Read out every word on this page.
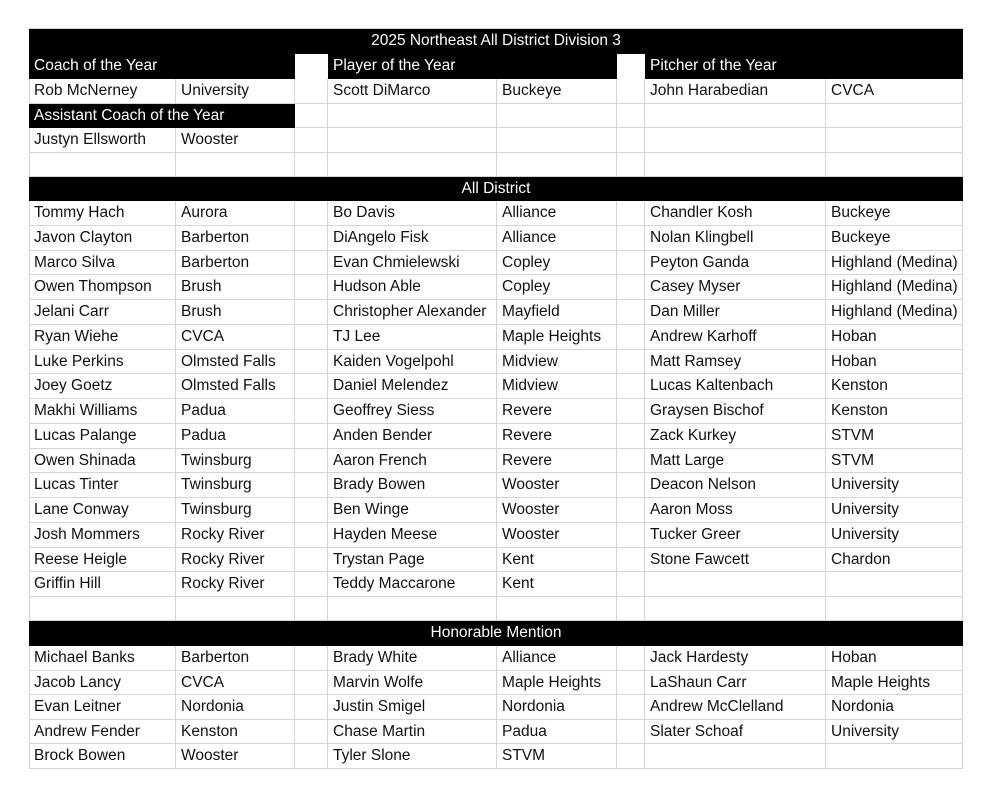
2025 Northeast All District Division 3
Coach of the Year	Player of the Year	Pitcher of the Year
Rob McNerney	University	Scott DiMarco	Buckeye	John Harabedian	CVCA
Assistant Coach of the Year
Justyn Ellsworth	Wooster
All District
Honorable Mention
Tommy Hach	Aurora	Bo Davis	Alliance	Chandler Kosh	Buckeye
Javon Clayton	Barberton	DiAngelo Fisk	Alliance	Nolan Klingbell	Buckeye
Marco Silva	Barberton	Evan Chmielewski	Copley	Peyton Ganda	Highland (Medina)
Owen Thompson	Brush	Hudson Able	Copley	Casey Myser	Highland (Medina)
Jelani Carr	Brush	Christopher Alexander	Mayfield	Dan Miller	Highland (Medina)
Ryan Wiehe	CVCA	TJ Lee	Maple Heights	Andrew Karhoff	Hoban
Luke Perkins	Olmsted Falls	Kaiden Vogelpohl	Midview	Matt Ramsey	Hoban
Joey Goetz	Olmsted Falls	Daniel Melendez	Midview	Lucas Kaltenbach	Kenston
Makhi Williams	Padua	Geoffrey Siess	Revere	Graysen Bischof	Kenston
Lucas Palange	Padua	Anden Bender	Revere	Zack Kurkey	STVM
Owen Shinada	Twinsburg	Aaron French	Revere	Matt Large	STVM
Lucas Tinter	Twinsburg	Brady Bowen	Wooster	Deacon Nelson	University
Lane Conway	Twinsburg	Ben Winge	Wooster	Aaron Moss	University
Josh Mommers	Rocky River	Hayden Meese	Wooster	Tucker Greer	University
Reese Heigle	Rocky River	Trystan Page	Kent	Stone Fawcett	Chardon
Griffin Hill	Rocky River	Teddy Maccarone	Kent
Michael Banks	Barberton	Brady White	Alliance	Jack Hardesty	Hoban
Jacob Lancy	CVCA	Marvin Wolfe	Maple Heights	LaShaun Carr	Maple Heights
Evan Leitner	Nordonia	Justin Smigel	Nordonia	Andrew McClelland	Nordonia
Andrew Fender	Kenston	Chase Martin	Padua	Slater Schoaf	University
Brock Bowen	Wooster	Tyler Slone	STVM
